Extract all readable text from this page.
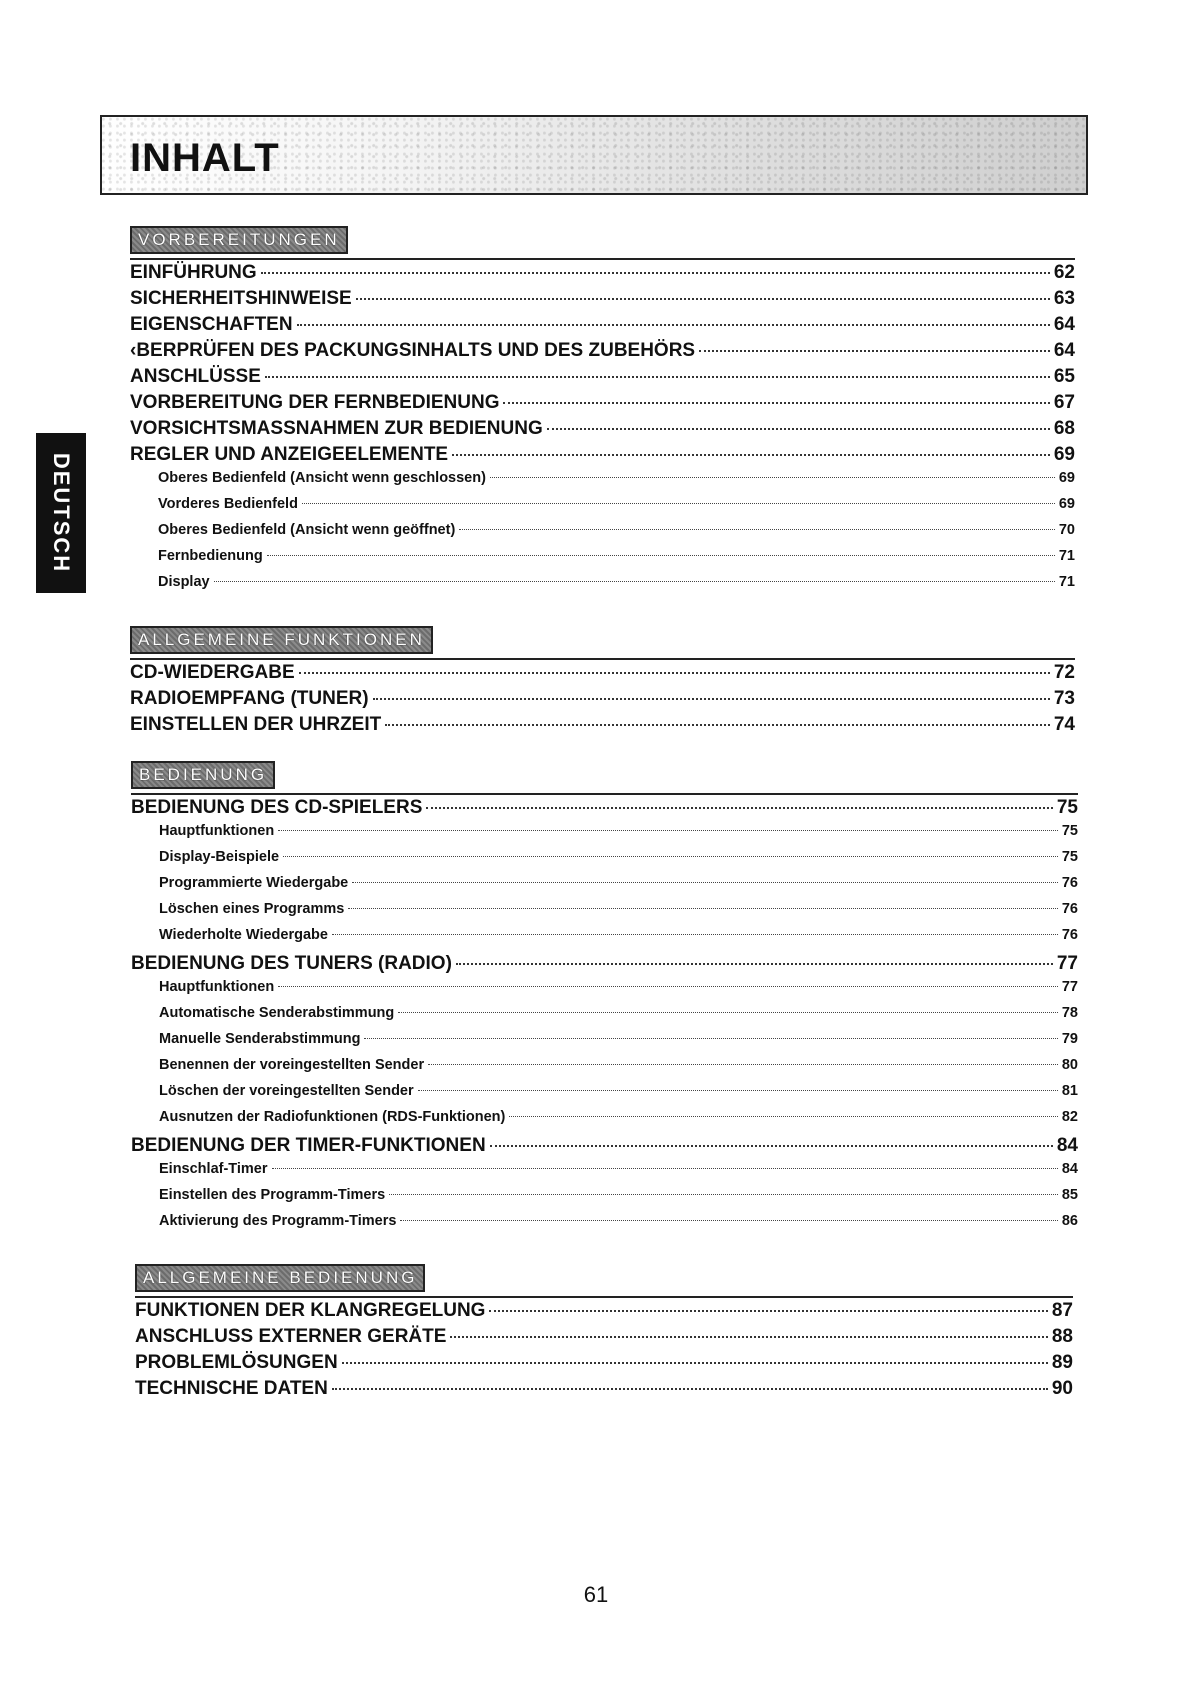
INHALT
DEUTSCH
VORBEREITUNGEN
EINFÜHRUNG	62
SICHERHEITSHINWEISE	63
EIGENSCHAFTEN	64
‹BERPRÜFEN DES PACKUNGSINHALTS UND DES ZUBEHÖRS	64
ANSCHLÜSSE	65
VORBEREITUNG DER FERNBEDIENUNG	67
VORSICHTSMASSNAHMEN ZUR BEDIENUNG	68
REGLER UND ANZEIGEELEMENTE	69
Oberes Bedienfeld (Ansicht wenn geschlossen)	69
Vorderes Bedienfeld	69
Oberes Bedienfeld (Ansicht wenn geöffnet)	70
Fernbedienung	71
Display	71
ALLGEMEINE FUNKTIONEN
CD-WIEDERGABE	72
RADIOEMPFANG (TUNER)	73
EINSTELLEN DER UHRZEIT	74
BEDIENUNG
BEDIENUNG DES CD-SPIELERS	75
Hauptfunktionen	75
Display-Beispiele	75
Programmierte Wiedergabe	76
Löschen eines Programms	76
Wiederholte Wiedergabe	76
BEDIENUNG DES TUNERS (RADIO)	77
Hauptfunktionen	77
Automatische Senderabstimmung	78
Manuelle Senderabstimmung	79
Benennen der voreingestellten Sender	80
Löschen der voreingestellten Sender	81
Ausnutzen der Radiofunktionen (RDS-Funktionen)	82
BEDIENUNG DER TIMER-FUNKTIONEN	84
Einschlaf-Timer	84
Einstellen des Programm-Timers	85
Aktivierung des Programm-Timers	86
ALLGEMEINE BEDIENUNG
FUNKTIONEN DER KLANGREGELUNG	87
ANSCHLUSS EXTERNER GERÄTE	88
PROBLEMLÖSUNGEN	89
TECHNISCHE DATEN	90
61
